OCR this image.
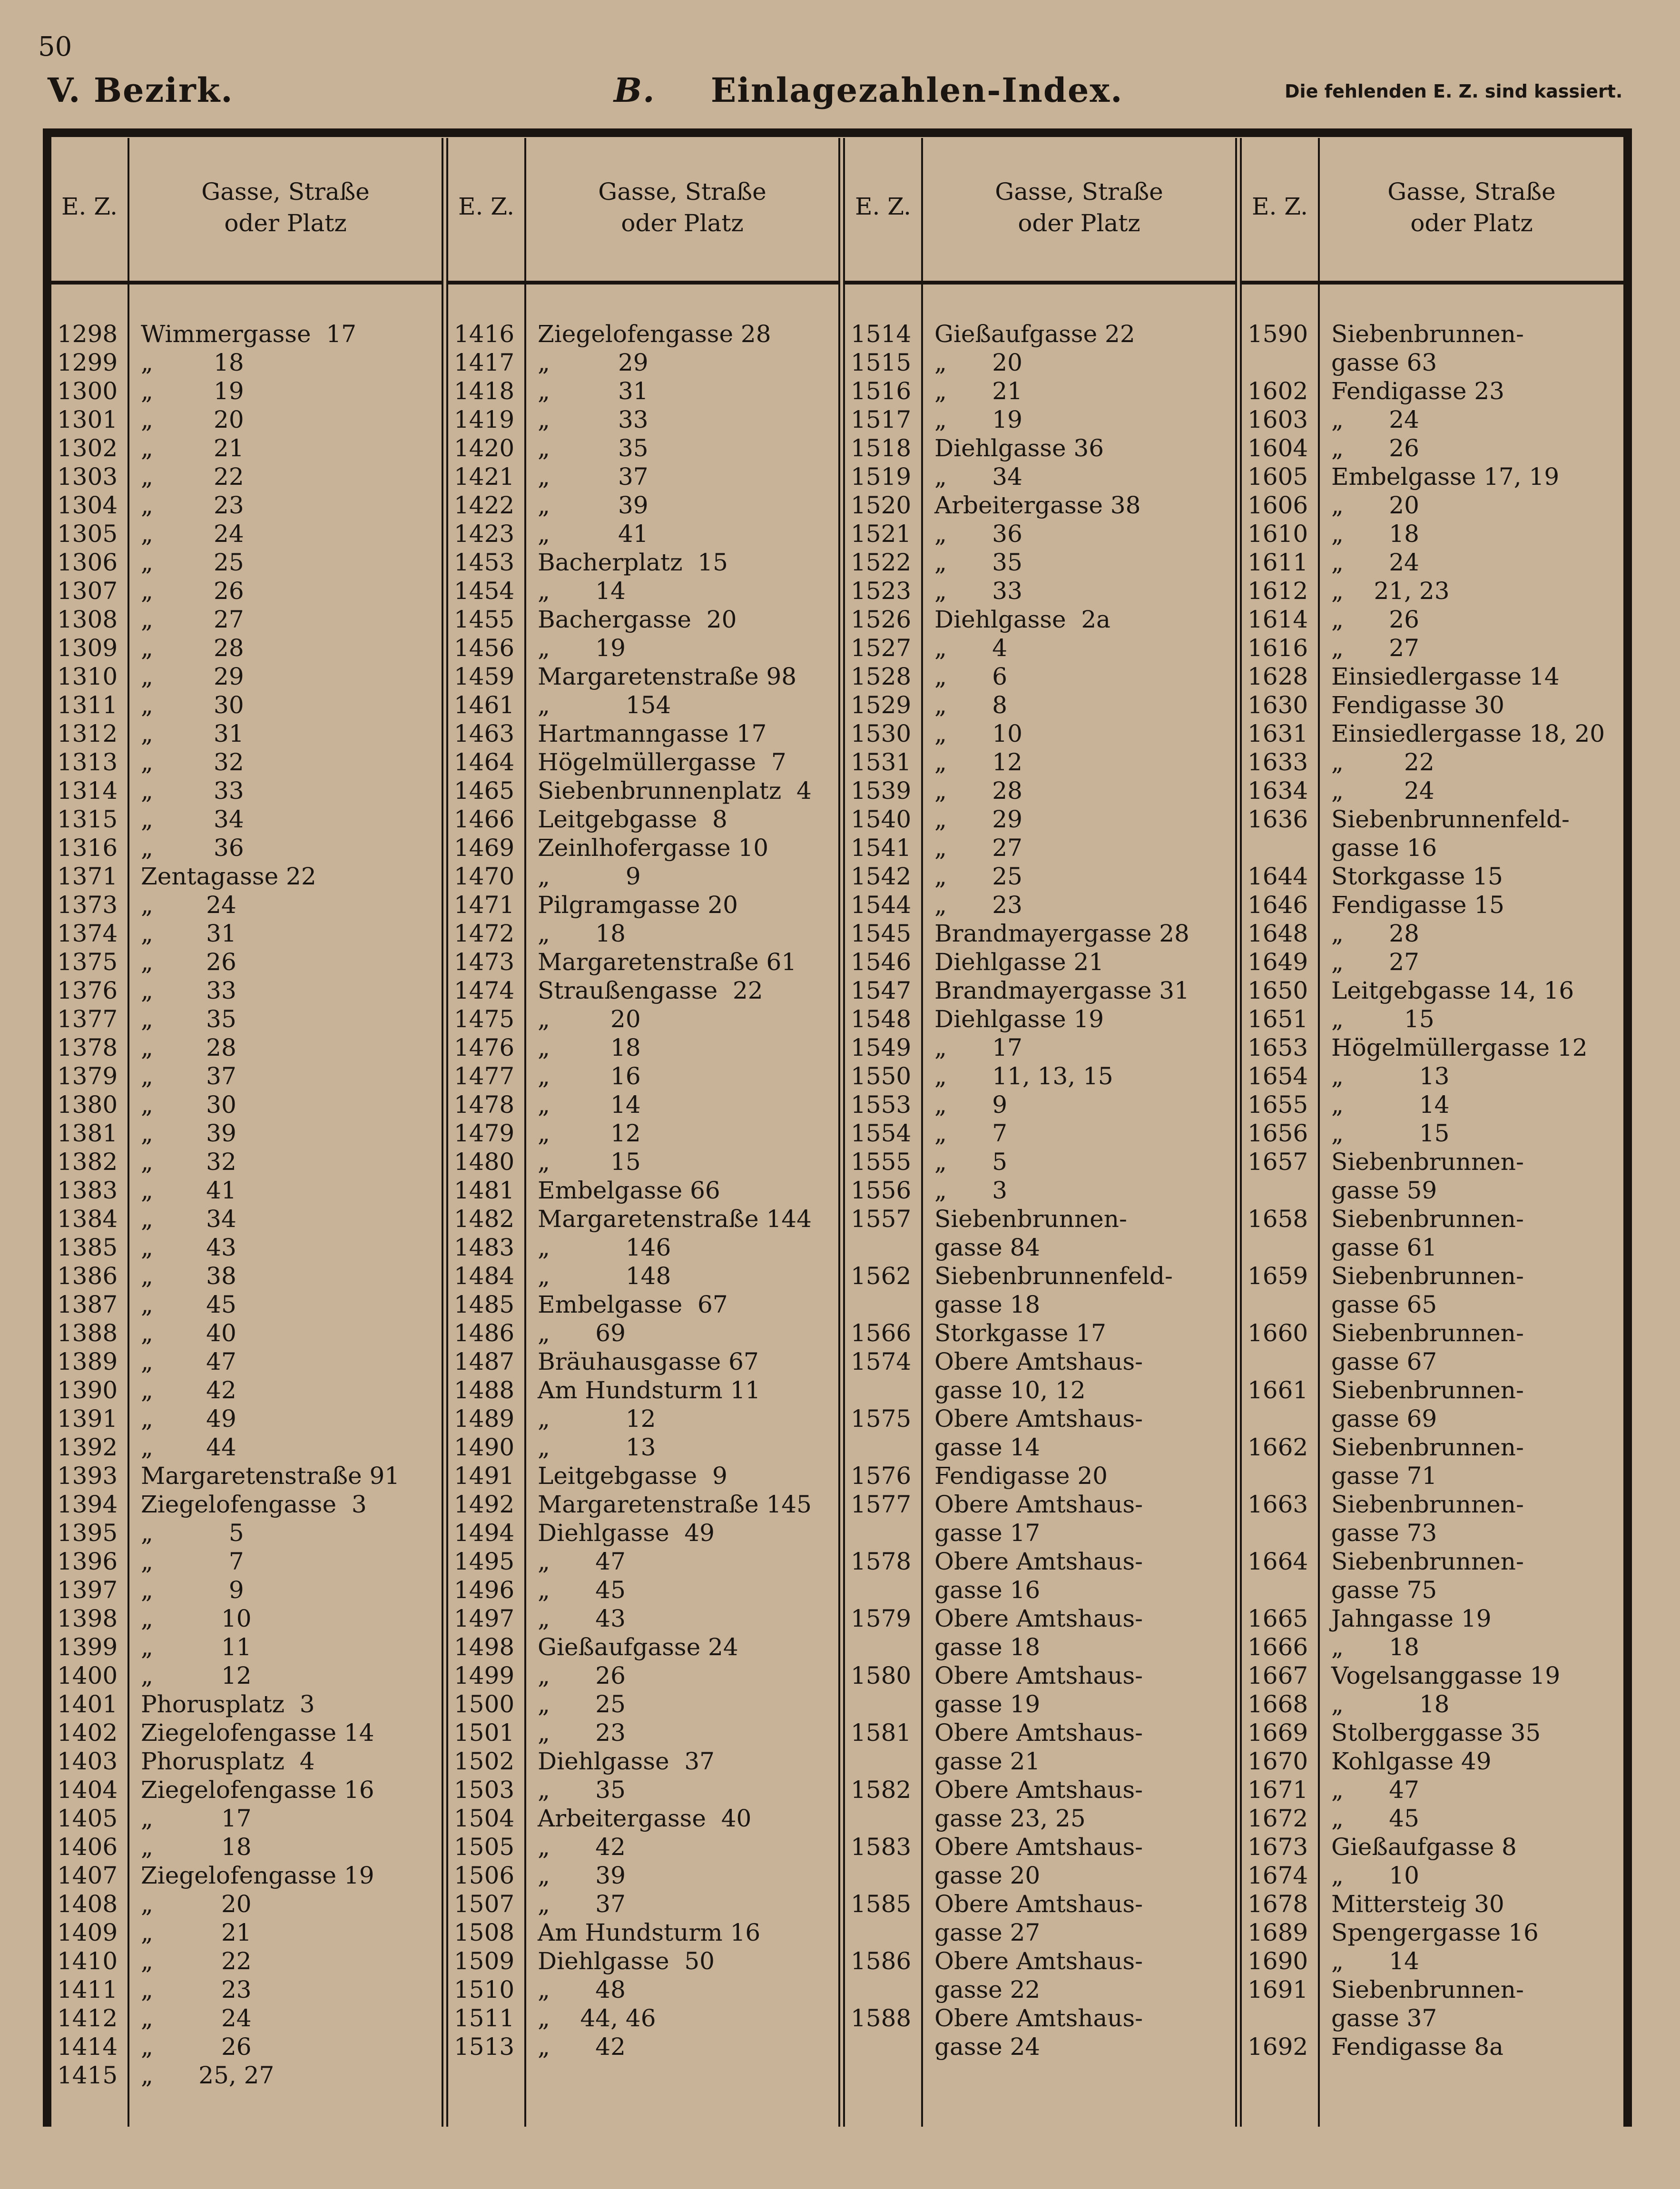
50
V. Bezirk.	B. Einlagezahlen-Index.	Die fehlenden E. Z. sind kassiert.
E. Z.
Gasse, Straße
oder Platz
1298 Wimmergasse  17
1299 „        18
1300 „        19
1301 „        20
1302 „        21
1303 „        22
1304 „        23
1305 „        24
1306 „        25
1307 „        26
1308 „        27
1309 „        28
1310 „        29
1311 „        30
1312 „        31
1313 „        32
1314 „        33
1315 „        34
1316 „        36
1371 Zentagasse 22
1373 „       24
1374 „       31
1375 „       26
1376 „       33
1377 „       35
1378 „       28
1379 „       37
1380 „       30
1381 „       39
1382 „       32
1383 „       41
1384 „       34
1385 „       43
1386 „       38
1387 „       45
1388 „       40
1389 „       47
1390 „       42
1391 „       49
1392 „       44
1393 Margaretenstraße 91
1394 Ziegelofengasse  3
1395 „          5
1396 „          7
1397 „          9
1398 „         10
1399 „         11
1400 „         12
1401 Phorusplatz  3
1402 Ziegelofengasse 14
1403 Phorusplatz  4
1404 Ziegelofengasse 16
1405 „         17
1406 „         18
1407 Ziegelofengasse 19
1408 „         20
1409 „         21
1410 „         22
1411 „         23
1412 „         24
1414 „         26
1415 „      25, 27
E. Z.
Gasse, Straße
oder Platz
1416 Ziegelofengasse 28
1417 „         29
1418 „         31
1419 „         33
1420 „         35
1421 „         37
1422 „         39
1423 „         41
1453 Bacherplatz  15
1454 „      14
1455 Bachergasse  20
1456 „      19
1459 Margaretenstraße 98
1461 „          154
1463 Hartmanngasse 17
1464 Högelmüllergasse  7
1465 Siebenbrunnenplatz  4
1466 Leitgebgasse  8
1469 Zeinlhofergasse 10
1470 „          9
1471 Pilgramgasse 20
1472 „      18
1473 Margaretenstraße 61
1474 Straußengasse  22
1475 „        20
1476 „        18
1477 „        16
1478 „        14
1479 „        12
1480 „        15
1481 Embelgasse 66
1482 Margaretenstraße 144
1483 „          146
1484 „          148
1485 Embelgasse  67
1486 „      69
1487 Bräuhausgasse 67
1488 Am Hundsturm 11
1489 „          12
1490 „          13
1491 Leitgebgasse  9
1492 Margaretenstraße 145
1494 Diehlgasse  49
1495 „      47
1496 „      45
1497 „      43
1498 Gießaufgasse 24
1499 „      26
1500 „      25
1501 „      23
1502 Diehlgasse  37
1503 „      35
1504 Arbeitergasse  40
1505 „      42
1506 „      39
1507 „      37
1508 Am Hundsturm 16
1509 Diehlgasse  50
1510 „      48
1511 „    44, 46
1513 „      42
E. Z.
Gasse, Straße
oder Platz
1514 Gießaufgasse 22
1515 „      20
1516 „      21
1517 „      19
1518 Diehlgasse 36
1519 „      34
1520 Arbeitergasse 38
1521 „      36
1522 „      35
1523 „      33
1526 Diehlgasse  2a
1527 „      4
1528 „      6
1529 „      8
1530 „      10
1531 „      12
1539 „      28
1540 „      29
1541 „      27
1542 „      25
1544 „      23
1545 Brandmayergasse 28
1546 Diehlgasse 21
1547 Brandmayergasse 31
1548 Diehlgasse 19
1549 „      17
1550 „      11, 13, 15
1553 „      9
1554 „      7
1555 „      5
1556 „      3
1557 Siebenbrunnen-
gasse 84
1562 Siebenbrunnenfeld-
gasse 18
1566 Storkgasse 17
1574 Obere Amtshaus-
gasse 10, 12
1575 Obere Amtshaus-
gasse 14
1576 Fendigasse 20
1577 Obere Amtshaus-
gasse 17
1578 Obere Amtshaus-
gasse 16
1579 Obere Amtshaus-
gasse 18
1580 Obere Amtshaus-
gasse 19
1581 Obere Amtshaus-
gasse 21
1582 Obere Amtshaus-
gasse 23, 25
1583 Obere Amtshaus-
gasse 20
1585 Obere Amtshaus-
gasse 27
1586 Obere Amtshaus-
gasse 22
1588 Obere Amtshaus-
gasse 24
E. Z.
Gasse, Straße
oder Platz
1590 Siebenbrunnen-
gasse 63
1602 Fendigasse 23
1603 „      24
1604 „      26
1605 Embelgasse 17, 19
1606 „      20
1610 „      18
1611 „      24
1612 „    21, 23
1614 „      26
1616 „      27
1628 Einsiedlergasse 14
1630 Fendigasse 30
1631 Einsiedlergasse 18, 20
1633 „        22
1634 „        24
1636 Siebenbrunnenfeld-
gasse 16
1644 Storkgasse 15
1646 Fendigasse 15
1648 „      28
1649 „      27
1650 Leitgebgasse 14, 16
1651 „        15
1653 Högelmüllergasse 12
1654 „          13
1655 „          14
1656 „          15
1657 Siebenbrunnen-
gasse 59
1658 Siebenbrunnen-
gasse 61
1659 Siebenbrunnen-
gasse 65
1660 Siebenbrunnen-
gasse 67
1661 Siebenbrunnen-
gasse 69
1662 Siebenbrunnen-
gasse 71
1663 Siebenbrunnen-
gasse 73
1664 Siebenbrunnen-
gasse 75
1665 Jahngasse 19
1666 „      18
1667 Vogelsanggasse 19
1668 „          18
1669 Stolberggasse 35
1670 Kohlgasse 49
1671 „      47
1672 „      45
1673 Gießaufgasse 8
1674 „      10
1678 Mittersteig 30
1689 Spengergasse 16
1690 „      14
1691 Siebenbrunnen-
gasse 37
1692 Fendigasse 8a
